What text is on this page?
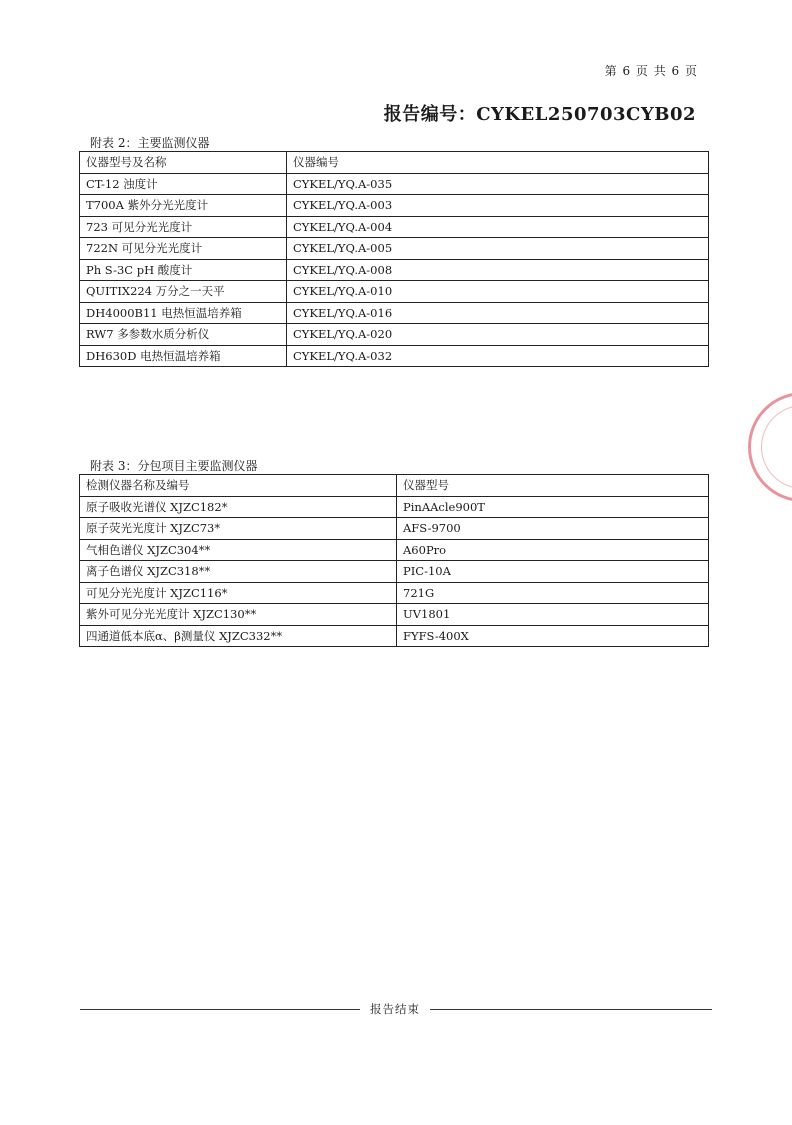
第 6 页 共 6 页
报告编号：CYKEL250703CYB02
附表 2：主要监测仪器
仪器型号及名称	仪器编号
CT-12 浊度计	CYKEL/YQ.A-035
T700A 紫外分光光度计	CYKEL/YQ.A-003
723 可见分光光度计	CYKEL/YQ.A-004
722N 可见分光光度计	CYKEL/YQ.A-005
Ph S-3C pH 酸度计	CYKEL/YQ.A-008
QUITIX224 万分之一天平	CYKEL/YQ.A-010
DH4000B11 电热恒温培养箱	CYKEL/YQ.A-016
RW7 多参数水质分析仪	CYKEL/YQ.A-020
DH630D 电热恒温培养箱	CYKEL/YQ.A-032
附表 3：分包项目主要监测仪器
检测仪器名称及编号	仪器型号
原子吸收光谱仪 XJZC182*	PinAAcle900T
原子荧光光度计 XJZC73*	AFS-9700
气相色谱仪 XJZC304**	A60Pro
离子色谱仪 XJZC318**	PIC-10A
可见分光光度计 XJZC116*	721G
紫外可见分光光度计 XJZC130**	UV1801
四通道低本底α、β测量仪 XJZC332**	FYFS-400X
报告结束
